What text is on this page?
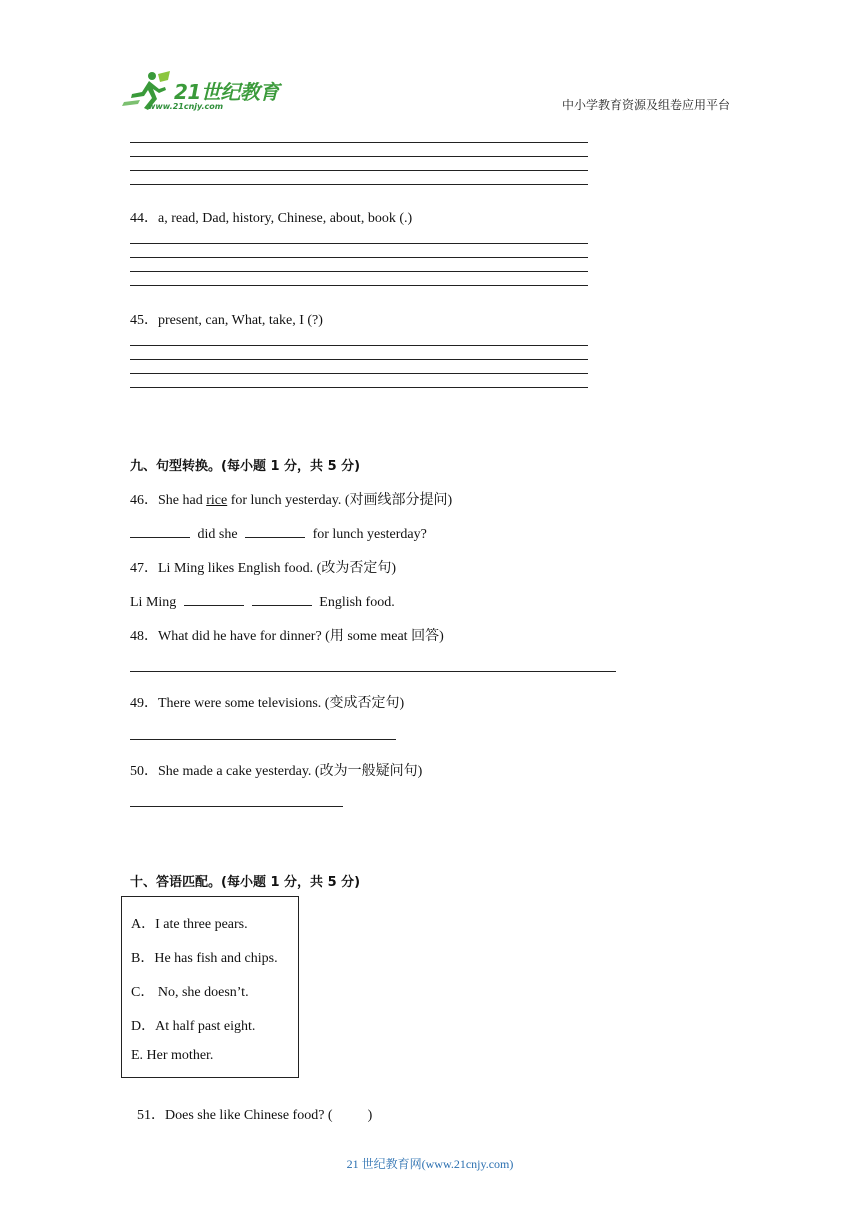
21世纪教育
www.21cnjy.com	中小学教育资源及组卷应用平台
44．a, read, Dad, history, Chinese, about, book (.)
45．present, can, What, take, I (?)
九、句型转换。(每小题 1 分，共 5 分)
46．She had rice for lunch yesterday. (对画线部分提问)
did she	for lunch yesterday?
47．Li Ming likes English food. (改为否定句)
Li Ming	English food.
48．What did he have for dinner? (用 some meat 回答)
49．There were some televisions. (变成否定句)
50．She made a cake yesterday. (改为一般疑问句)
十、答语匹配。(每小题 1 分，共 5 分)
A．I ate three pears.
B．He has fish and chips.
C． No, she doesn’t.
D．At half past eight.
E. Her mother.

51．Does she like Chinese food? (          )

21 世纪教育网(www.21cnjy.com)
